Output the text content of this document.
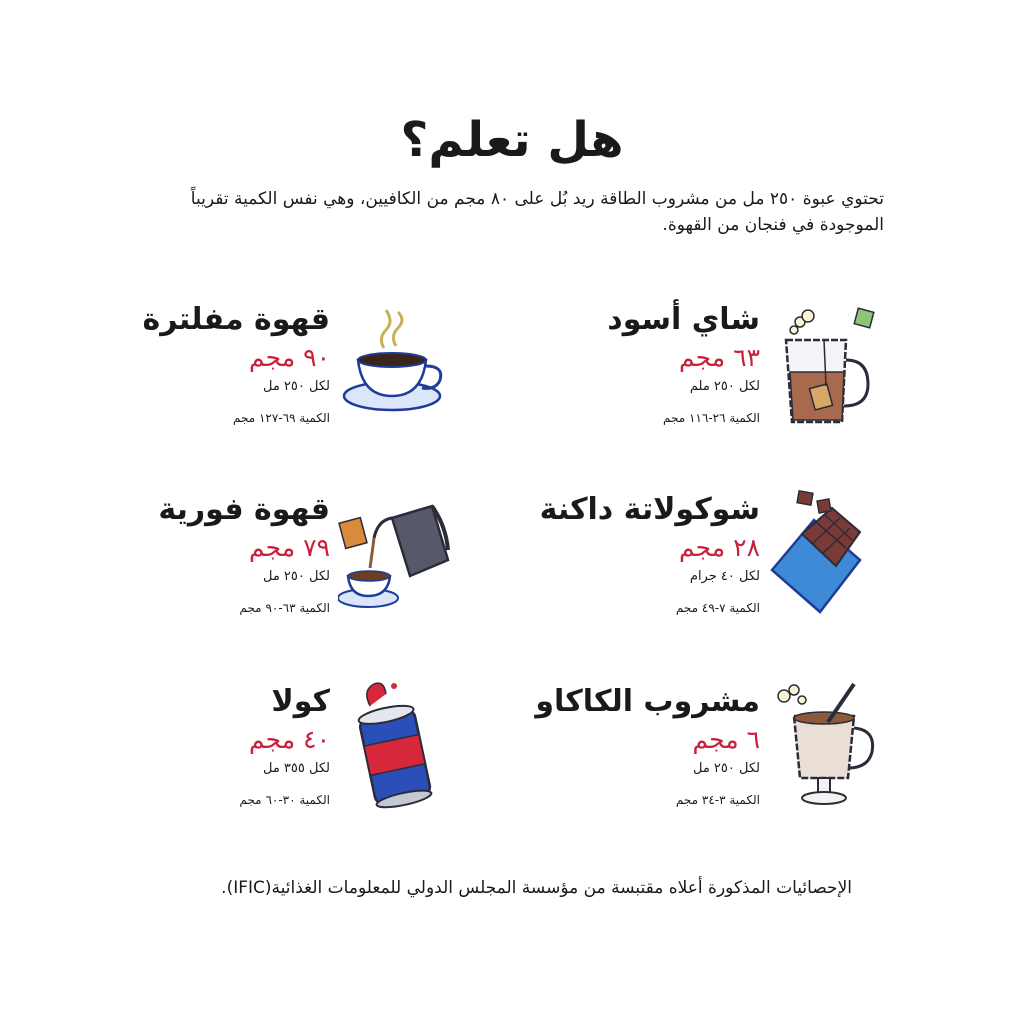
هل تعلم؟

تحتوي عبوة ٢٥٠ مل من مشروب الطاقة ريد بُل على ٨٠ مجم من الكافيين، وهي نفس الكمية تقريباً الموجودة في فنجان من القهوة.

شاي أسود

٦٣ مجم

لكل ٢٥٠ ملم

الكمية ٢٦-١١٦ مجم

قهوة مفلترة

٩٠ مجم

لكل ٢٥٠ مل

الكمية ٦٩-١٢٧ مجم

شوكولاتة داكنة

٢٨ مجم

لكل ٤٠ جرام

الكمية ٧-٤٩ مجم

قهوة فورية

٧٩ مجم

لكل ٢٥٠ مل

الكمية ٦٣-٩٠ مجم

مشروب الكاكاو

٦ مجم

لكل ٢٥٠ مل

الكمية ٣-٣٤ مجم

كولا

٤٠ مجم

لكل ٣٥٥ مل

الكمية ٣٠-٦٠ مجم

الإحصائيات المذكورة أعلاه مقتبسة من مؤسسة المجلس الدولي للمعلومات الغذائية(IFIC).
